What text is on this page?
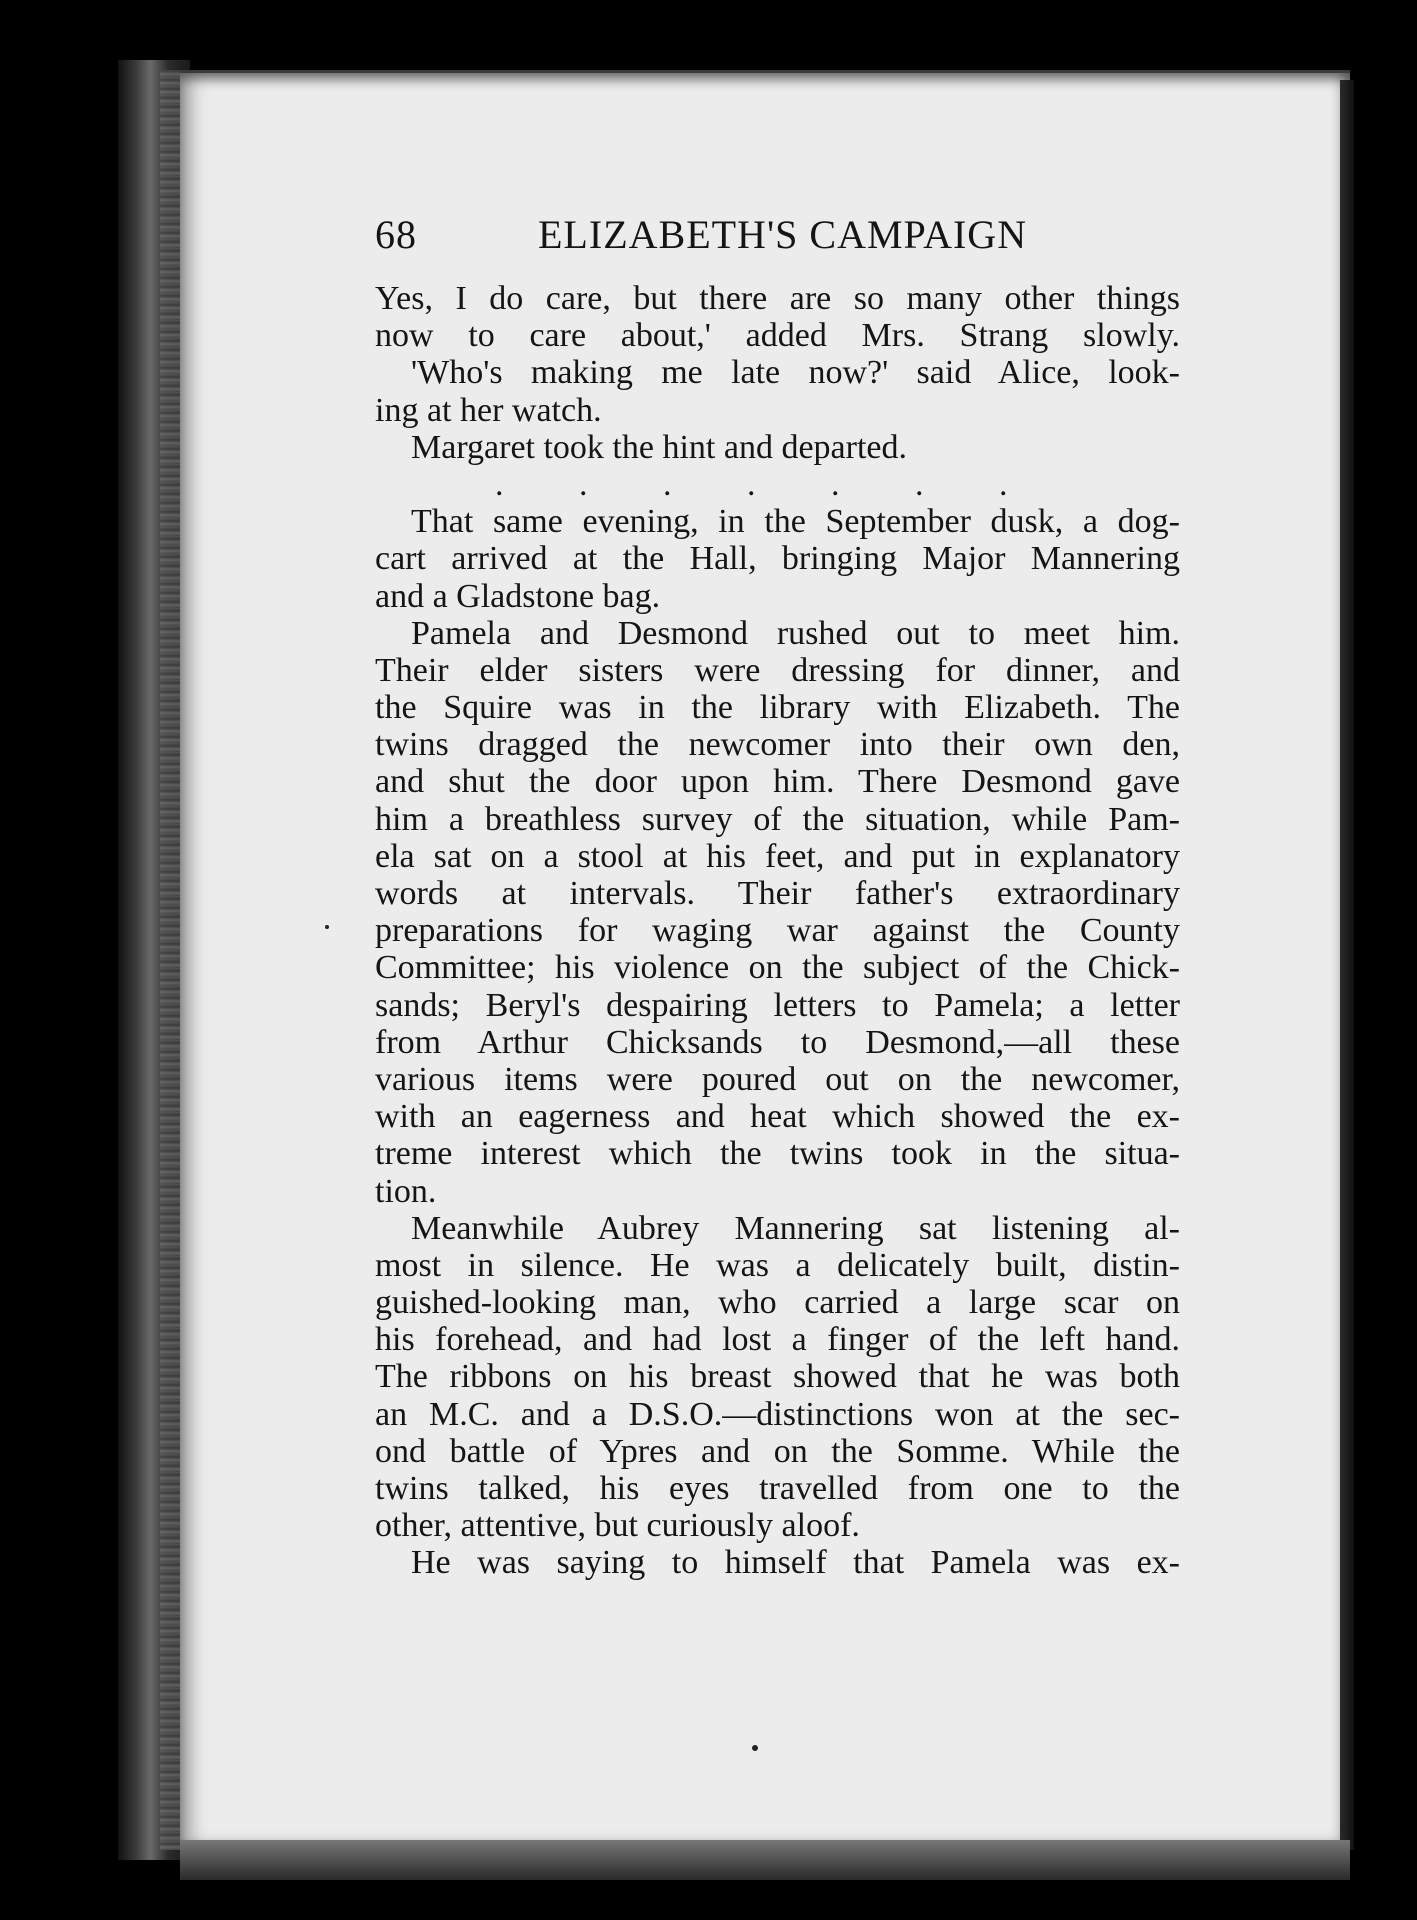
68	ELIZABETH'S CAMPAIGN
Yes, I do care, but there are so many other things
now to care about,' added Mrs. Strang slowly.
'Who's making me late now?' said Alice, look-
ing at her watch.
Margaret took the hint and departed.
. . . . . . .
That same evening, in the September dusk, a dog-
cart arrived at the Hall, bringing Major Mannering
and a Gladstone bag.
Pamela and Desmond rushed out to meet him.
Their elder sisters were dressing for dinner, and
the Squire was in the library with Elizabeth. The
twins dragged the newcomer into their own den,
and shut the door upon him. There Desmond gave
him a breathless survey of the situation, while Pam-
ela sat on a stool at his feet, and put in explanatory
words at intervals. Their father's extraordinary
preparations for waging war against the County
Committee; his violence on the subject of the Chick-
sands; Beryl's despairing letters to Pamela; a letter
from Arthur Chicksands to Desmond,—all these
various items were poured out on the newcomer,
with an eagerness and heat which showed the ex-
treme interest which the twins took in the situa-
tion.
Meanwhile Aubrey Mannering sat listening al-
most in silence. He was a delicately built, distin-
guished-looking man, who carried a large scar on
his forehead, and had lost a finger of the left hand.
The ribbons on his breast showed that he was both
an M.C. and a D.S.O.—distinctions won at the sec-
ond battle of Ypres and on the Somme. While the
twins talked, his eyes travelled from one to the
other, attentive, but curiously aloof.
He was saying to himself that Pamela was ex-
